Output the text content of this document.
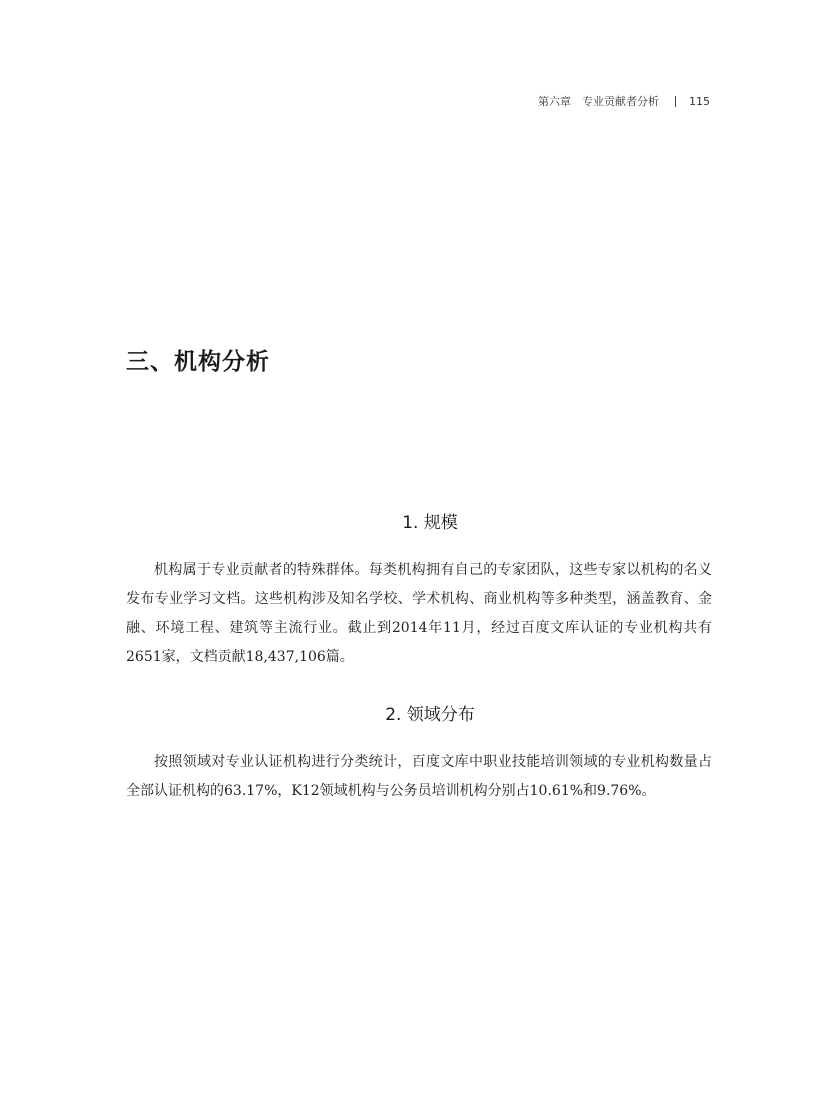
第六章　专业贡献者分析	115
三、机构分析
1. 规模

机构属于专业贡献者的特殊群体。每类机构拥有自己的专家团队，这些专家以机构的名义发布专业学习文档。这些机构涉及知名学校、学术机构、商业机构等多种类型，涵盖教育、金融、环境工程、建筑等主流行业。截止到2014年11月，经过百度文库认证的专业机构共有2651家，文档贡献18,437,106篇。

2. 领域分布

按照领域对专业认证机构进行分类统计，百度文库中职业技能培训领域的专业机构数量占全部认证机构的63.17%，K12领域机构与公务员培训机构分别占10.61%和9.76%。
